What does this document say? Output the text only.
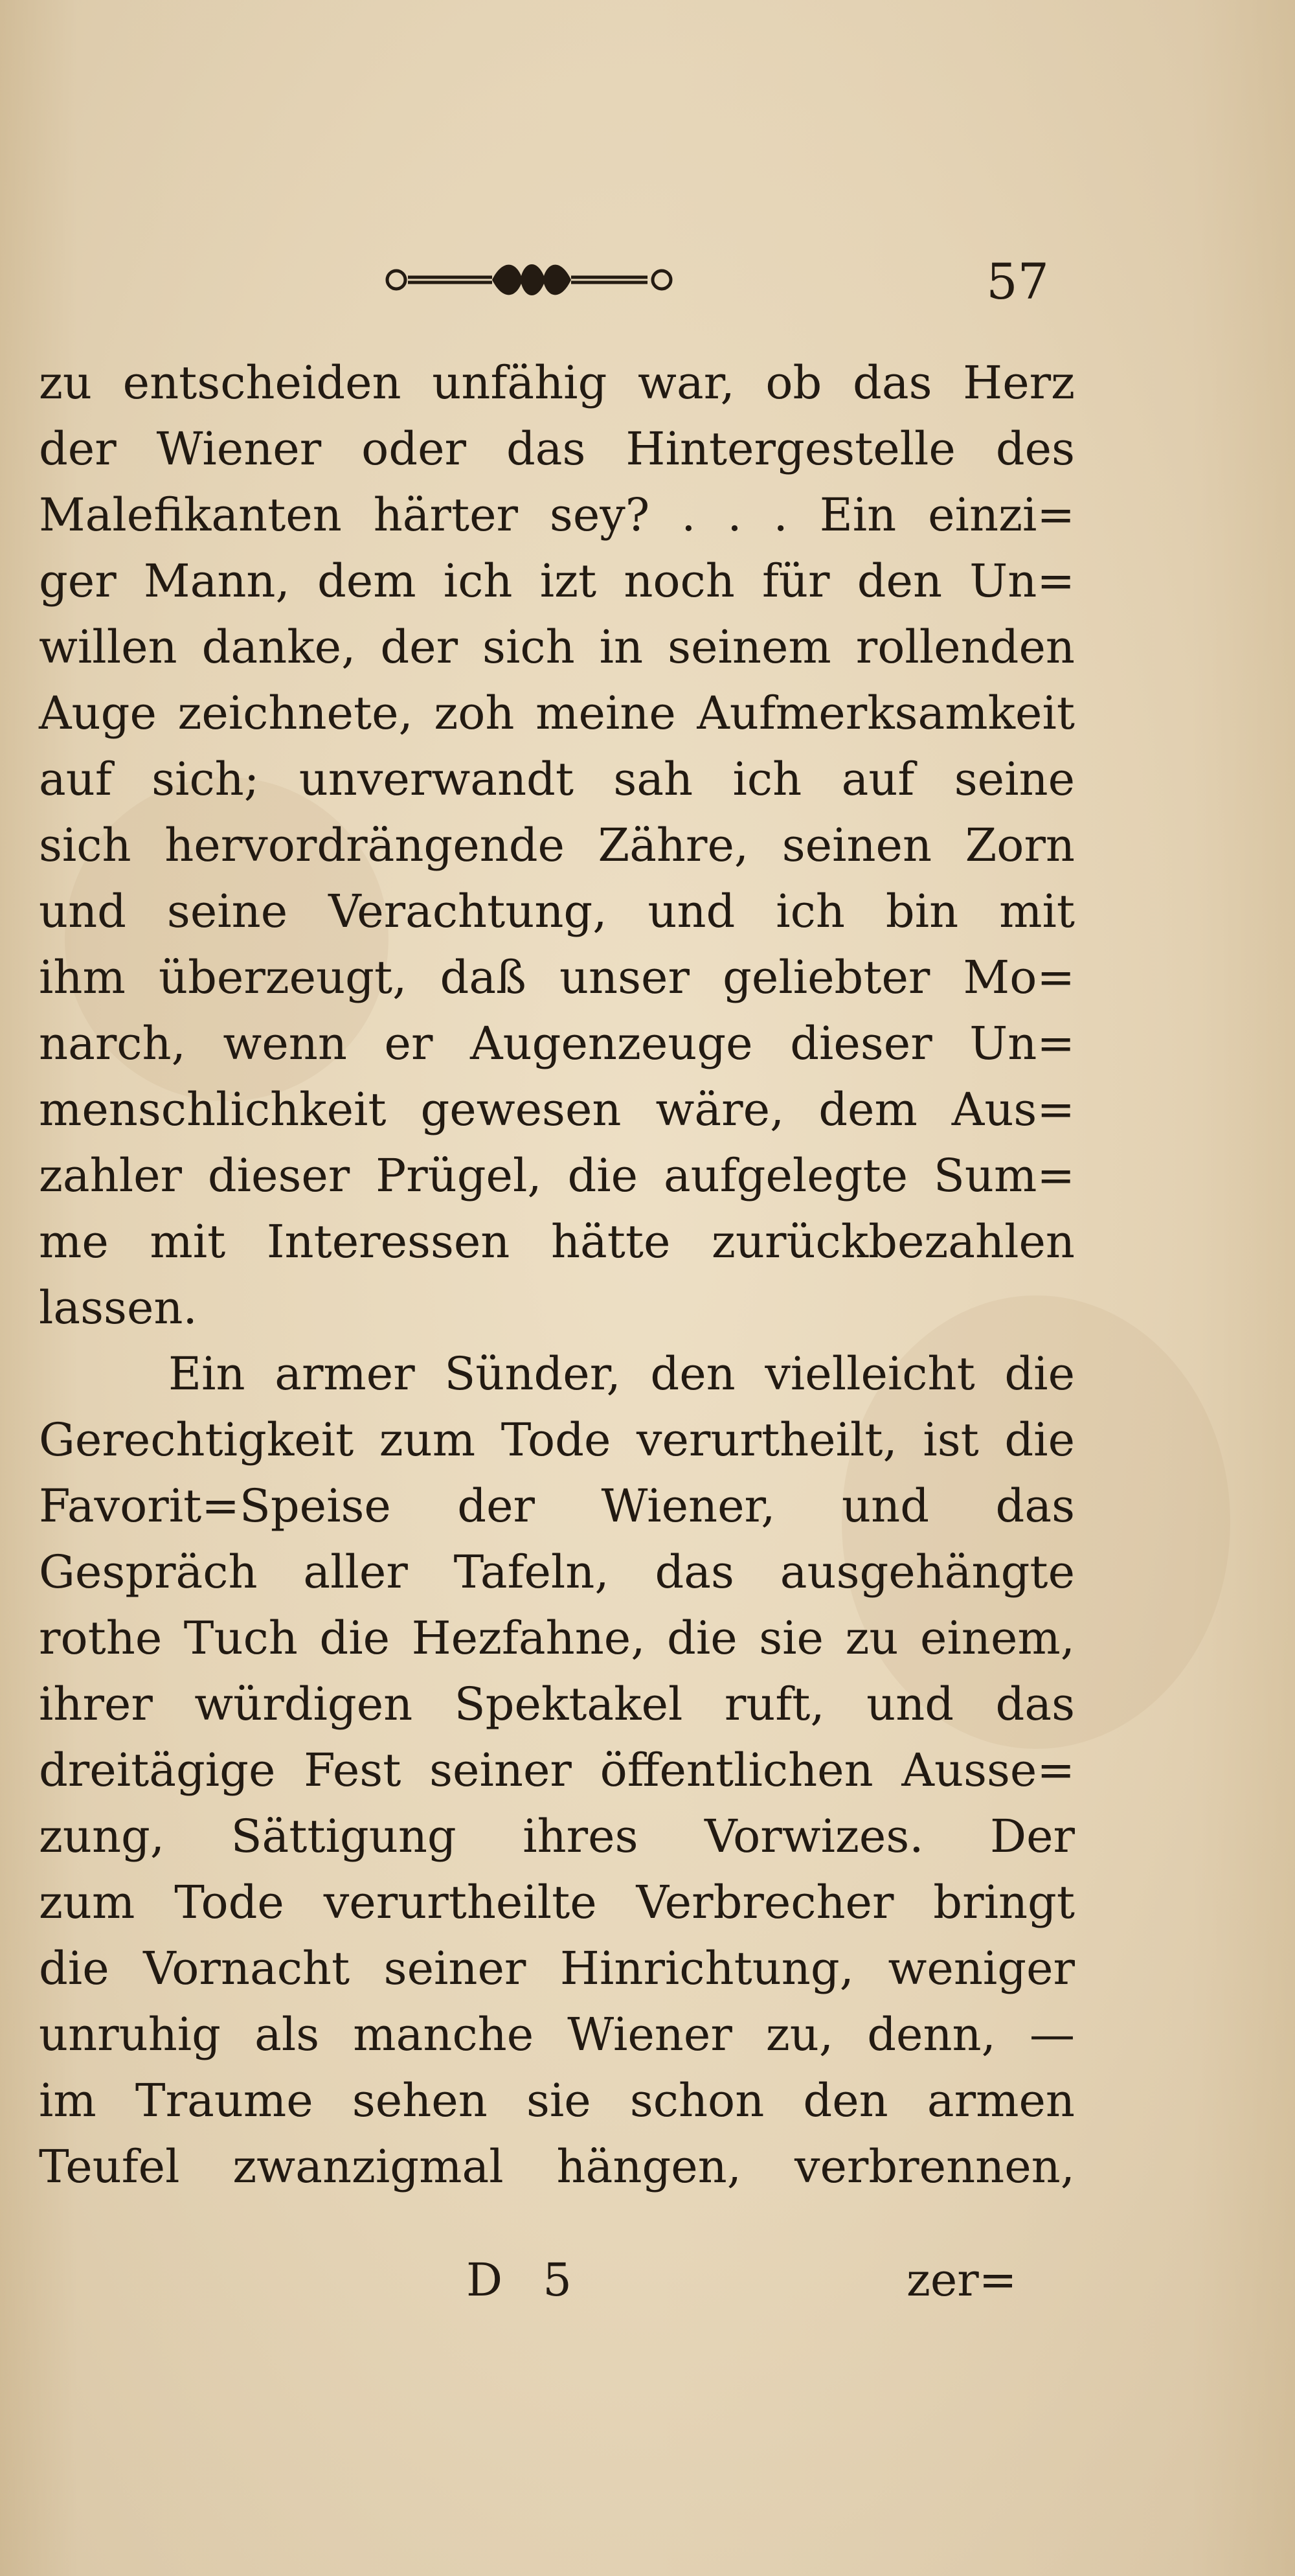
57
zu entscheiden unfähig war, ob das Herz
der Wiener oder das Hintergestelle des
Malefikanten härter sey? . . . Ein einzi=
ger Mann, dem ich izt noch für den Un=
willen danke, der sich in seinem rollenden
Auge zeichnete, zoh meine Aufmerksamkeit
auf sich; unverwandt sah ich auf seine
sich hervordrängende Zähre, seinen Zorn
und seine Verachtung, und ich bin mit
ihm überzeugt, daß unser geliebter Mo=
narch, wenn er Augenzeuge dieser Un=
menschlichkeit gewesen wäre, dem Aus=
zahler dieser Prügel, die aufgelegte Sum=
me mit Interessen hätte zurückbezahlen
lassen.
Ein armer Sünder, den vielleicht die
Gerechtigkeit zum Tode verurtheilt, ist die
Favorit=Speise der Wiener, und das
Gespräch aller Tafeln, das ausgehängte
rothe Tuch die Hezfahne, die sie zu einem,
ihrer würdigen Spektakel ruft, und das
dreitägige Fest seiner öffentlichen Ausse=
zung, Sättigung ihres Vorwizes. Der
zum Tode verurtheilte Verbrecher bringt
die Vornacht seiner Hinrichtung, weniger
unruhig als manche Wiener zu, denn, —
im Traume sehen sie schon den armen
Teufel zwanzigmal hängen, verbrennen,
D 5	zer=
